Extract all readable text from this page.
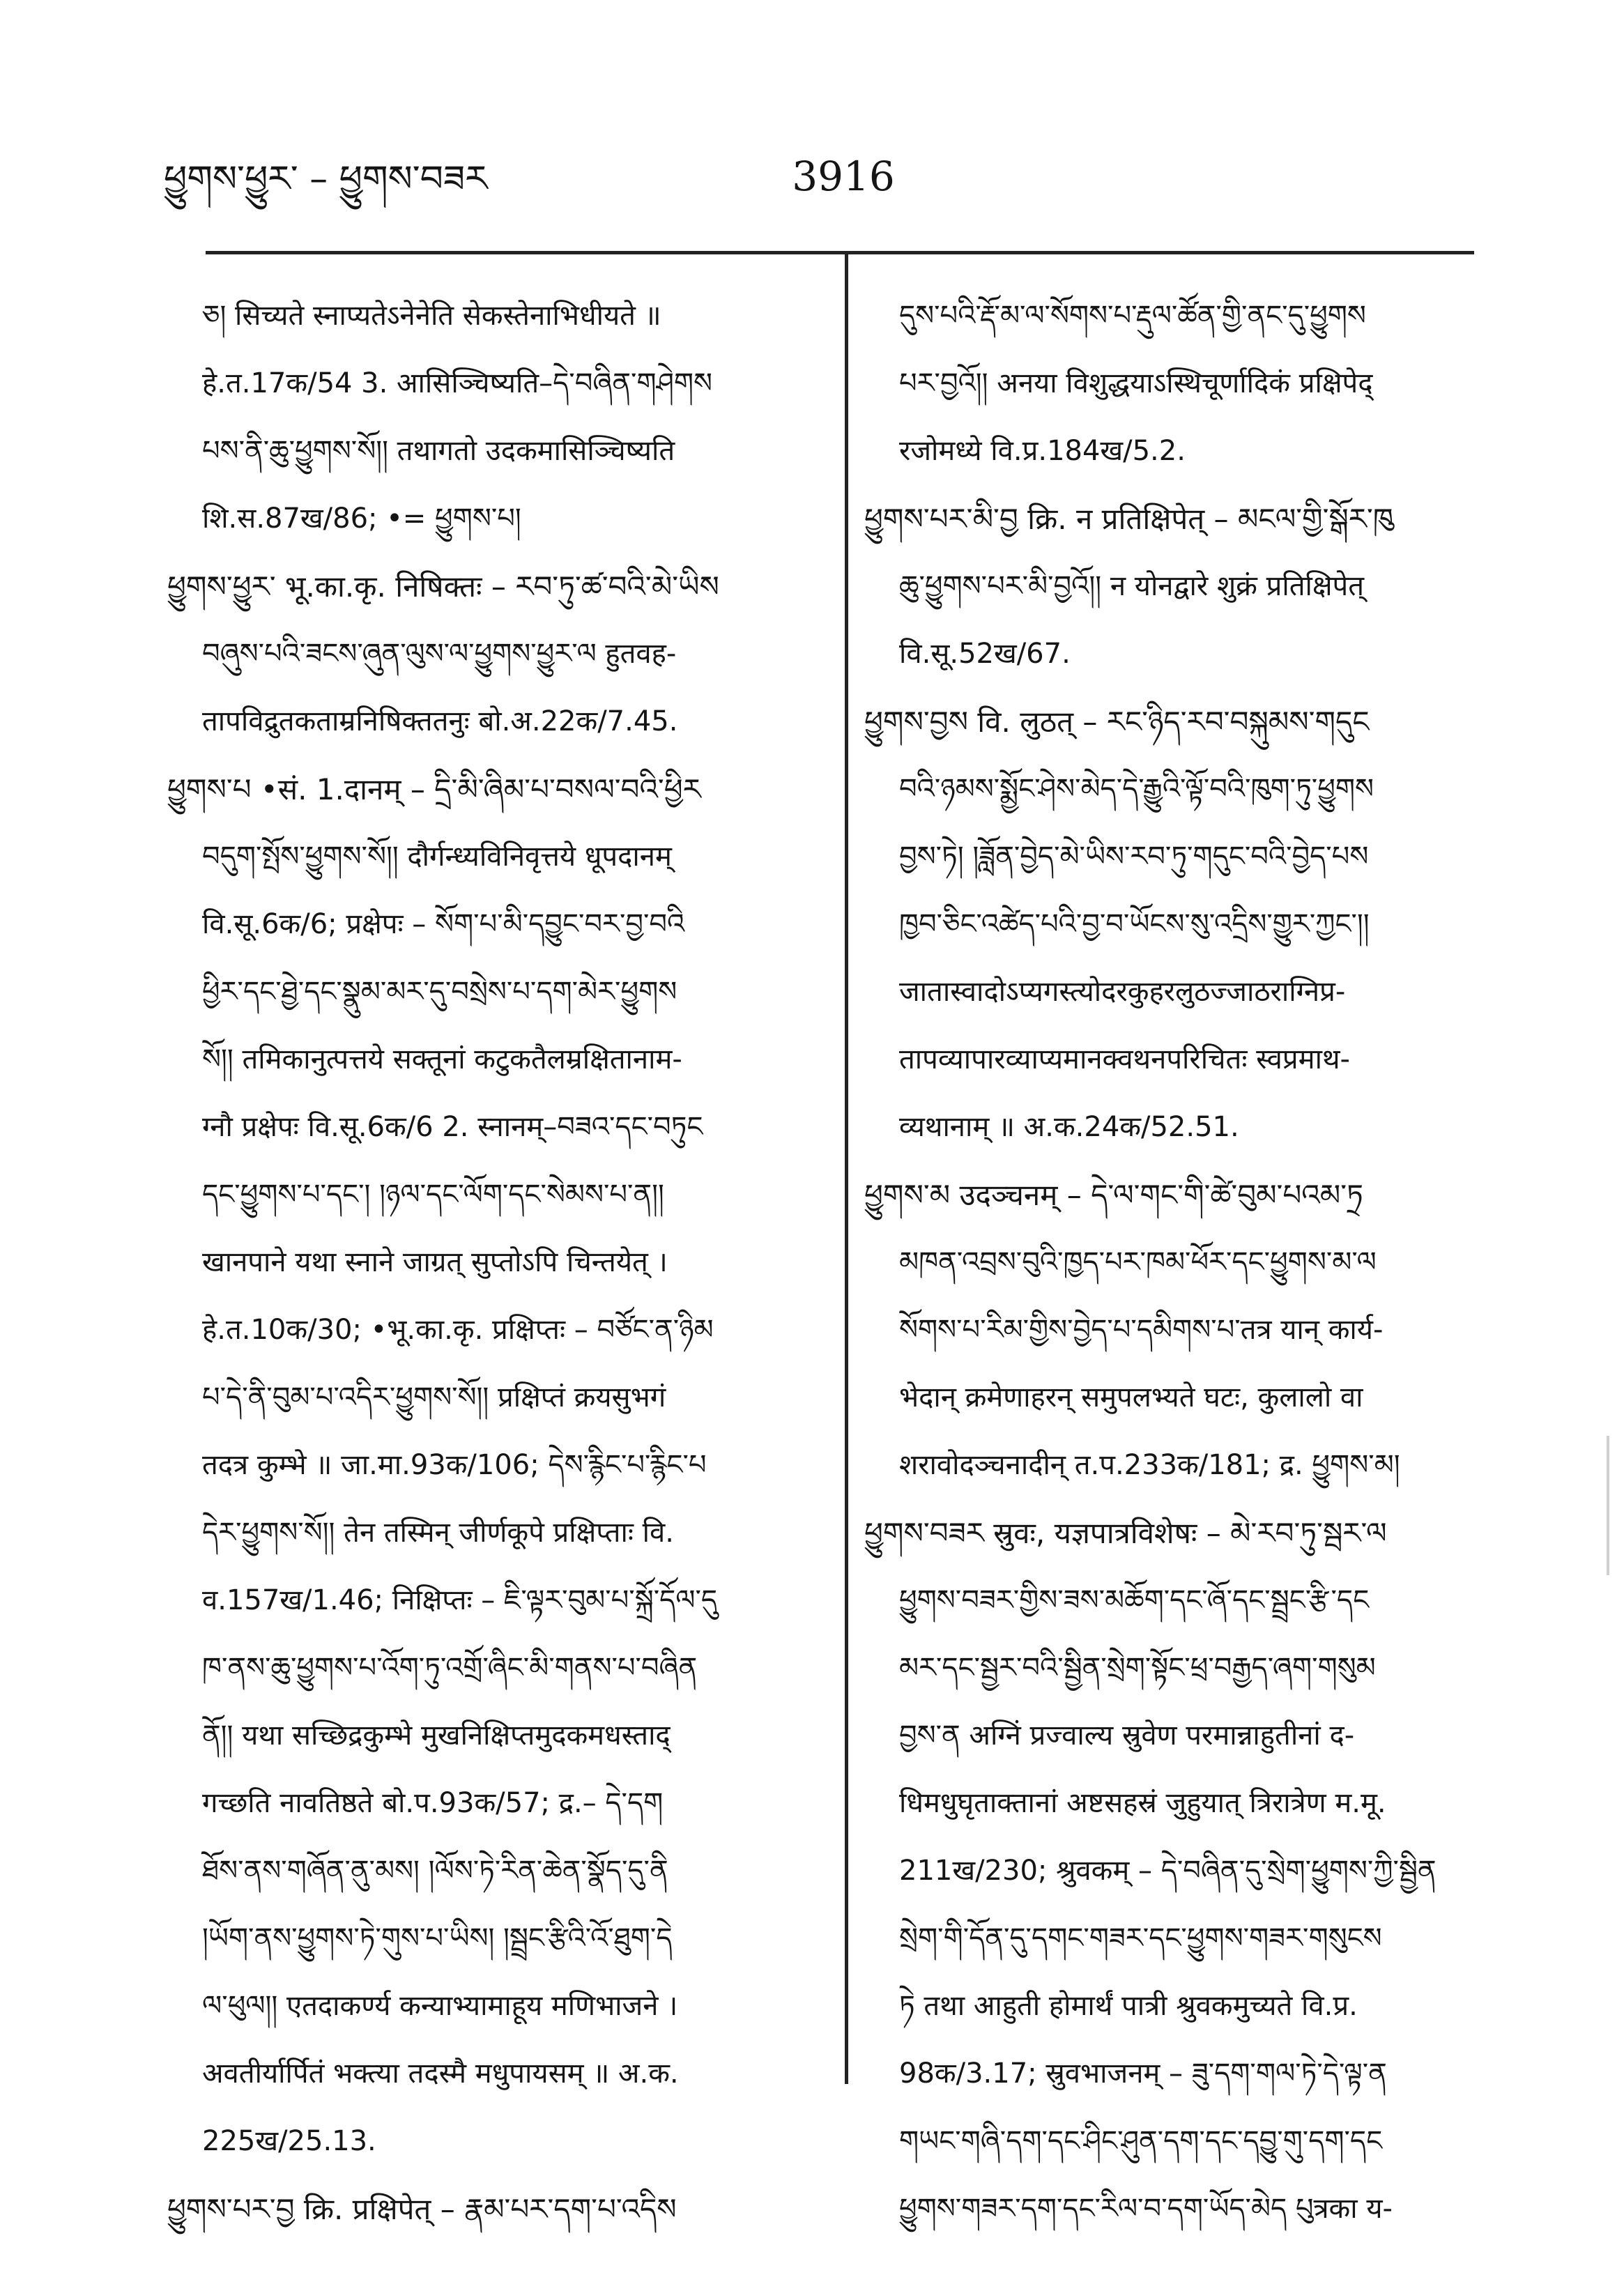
ཕྱུགས་ཕྱུར་ – ཕྱུགས་བཟར	3916
ཅ། सिच्यते स्नाप्यतेऽनेनेति सेकस्तेनाभिधीयते ॥
हे.त.17क/54 3. आसिञ्चिष्यति–དེ་བཞིན་གཤེགས
པས་ནི་ཆུ་ཕྱུགས་སོ།། तथागतो उदकमासिञ्चिष्यति
शि.स.87ख/86; •= ཕྱུགས་པ།
ཕྱུགས་ཕྱུར་ भू.का.कृ. निषिक्तः – རབ་ཏུ་ཚ་བའི་མེ་ཡིས
བཞུས་པའི་ཟངས་ཞུན་ལུས་ལ་ཕྱུགས་ཕྱུར་ལ हुतवह-
तापविद्रुतकताम्रनिषिक्ततनुः बो.अ.22क/7.45.
ཕྱུགས་པ •सं. 1.दानम् – དྲི་མི་ཞིམ་པ་བསལ་བའི་ཕྱིར
བདུག་སྤོས་ཕྱུགས་སོ།། दौर्गन्ध्यविनिवृत्तये धूपदानम्
वि.सू.6क/6; प्रक्षेपः – སོག་པ་མི་དབྱུང་བར་བྱ་བའི
ཕྱིར་དང་ཐྱེ་དང་སྣུམ་མར་དུ་བསྲེས་པ་དག་མེར་ཕྱུགས
སོ།། तमिकानुत्पत्तये सक्तूनां कटुकतैलम्रक्षितानाम-
ग्नौ प्रक्षेपः वि.सू.6क/6 2. स्नानम्–བཟའ་དང་བཏུང
དང་ཕྱུགས་པ་དང་། །ཉལ་དང་ལོག་དང་སེམས་པ་ན།།
खानपाने यथा स्नाने जाग्रत् सुप्तोऽपि चिन्तयेत् ।
हे.त.10क/30; •भू.का.कृ. प्रक्षिप्तः – བཙོང་ན་ཉིམ
པ་དེ་ནི་བུམ་པ་འདིར་ཕྱུགས་སོ།། प्रक्षिप्तं क्रयसुभगं
तदत्र कुम्भे ॥ जा.मा.93क/106; དེས་རྙིང་པ་རྙིང་པ
དེར་ཕྱུགས་སོ།། तेन तस्मिन् जीर्णकूपे प्रक्षिप्ताः वि.
व.157ख/1.46; निक्षिप्तः – ཇི་ལྟར་བུམ་པ་སྐྲོ་དོལ་དུ
ཁ་ནས་ཆུ་ཕྱུགས་པ་འོག་ཏུ་འགྲོ་ཞིང་མི་གནས་པ་བཞིན
ནོ།། यथा सच्छिद्रकुम्भे मुखनिक्षिप्तमुदकमधस्ताद्
गच्छति नावतिष्ठते बो.प.93क/57; द्र.– དེ་དག
ཐོས་ནས་གཞོན་ནུ་མས། །ལོས་ཏེ་རིན་ཆེན་སྣོད་དུ་ནི
།ཡོག་ནས་ཕྱུགས་ཏེ་གུས་པ་ཡིས། །སྦྲང་རྩིའི་འོ་ཐུག་དེ
ལ་ཕུལ།། एतदाकर्ण्य कन्याभ्यामाहूय मणिभाजने ।
अवतीर्यार्पितं भक्त्या तदस्मै मधुपायसम् ॥ अ.क.
225ख/25.13.
ཕྱུགས་པར་བྱ क्रि. प्रक्षिपेत् – རྣམ་པར་དག་པ་འདིས
དུས་པའི་རྡོ་མ་ལ་སོགས་པ་རྡུལ་ཚོན་གྱི་ནང་དུ་ཕྱུགས
པར་བྱའོ།། अनया विशुद्धयाऽस्थिचूर्णादिकं प्रक्षिपेद्
रजोमध्ये वि.प्र.184ख/5.2.
ཕྱུགས་པར་མི་བྱ क्रि. न प्रतिक्षिपेत् – མངལ་གྱི་སྒོར་ཁུ
ཆུ་ཕྱུགས་པར་མི་བྱའོ།། न योनद्वारे शुक्रं प्रतिक्षिपेत्
वि.सू.52ख/67.
ཕྱུགས་བྱས वि. लुठत् – རང་ཉིད་རབ་བསྐུམས་གདུང
བའི་ཉམས་སྨྱོང་ཤེས་མེད་དེ་རྒྱུའི་ལྟོ་བའི་ཁུག་ཏུ་ཕྱུགས
བྱས་ཏེ། །ཟློན་བྱེད་མེ་ཡིས་རབ་ཏུ་གདུང་བའི་བྱེད་པས
ཁྱབ་ཅིང་འཚེད་པའི་བྱ་བ་ཡོངས་སུ་འདྲིས་གྱུར་ཀྱང་།།
जातास्वादोऽप्यगस्त्योदरकुहरलुठज्जाठराग्निप्र-
तापव्यापारव्याप्यमानक्वथनपरिचितः स्वप्रमाथ-
व्यथानाम् ॥ अ.क.24क/52.51.
ཕྱུགས་མ उदञ्चनम् – དེ་ལ་གང་གི་ཚེ་བུམ་པའམ་ཏྲ
མཁན་འབྲས་བུའི་ཁྱད་པར་ཁམ་ཕོར་དང་ཕྱུགས་མ་ལ
སོགས་པ་རིམ་གྱིས་བྱེད་པ་དམིགས་པ་तत्र यान् कार्य-
भेदान् क्रमेणाहरन् समुपलभ्यते घटः, कुलालो वा
शरावोदञ्चनादीन् त.प.233क/181; द्र. ཕྱུགས་མ།
ཕྱུགས་བཟར स्रुवः, यज्ञपात्रविशेषः – མེ་རབ་ཏུ་སྦར་ལ
ཕྱུགས་བཟར་གྱིས་ཟས་མཆོག་དང་ཞོ་དང་སྦྲང་རྩི་དང
མར་དང་སྦྱར་བའི་སྦྱིན་སྲེག་སྟོང་ཕྲ་བརྒྱད་ཞག་གསུམ
བྱས་ན अग्निं प्रज्वाल्य स्रुवेण परमान्नाहुतीनां द-
धिमधुघृताक्तानां अष्टसहस्रं जुहुयात् त्रिरात्रेण म.मू.
211ख/230; श्रुवकम् – དེ་བཞིན་དུ་སྲེག་ཕྱུགས་ཀྱི་སྦྱིན
སྲེག་གི་དོན་དུ་དགང་གཟར་དང་ཕྱུགས་གཟར་གསུངས
ཏེ तथा आहुती होमार्थं पात्री श्रुवकमुच्यते वि.प्र.
98क/3.17; स्रुवभाजनम् – ཟུ་དག་གལ་ཏེ་དེ་ལྟ་ན
གཡང་གཞི་དག་དང་ཤིང་ཤུན་དག་དང་དབྱུ་གུ་དག་དང
ཕྱུགས་གཟར་དག་དང་རིལ་བ་དག་ཡོད་མེད པུत्रका य-
